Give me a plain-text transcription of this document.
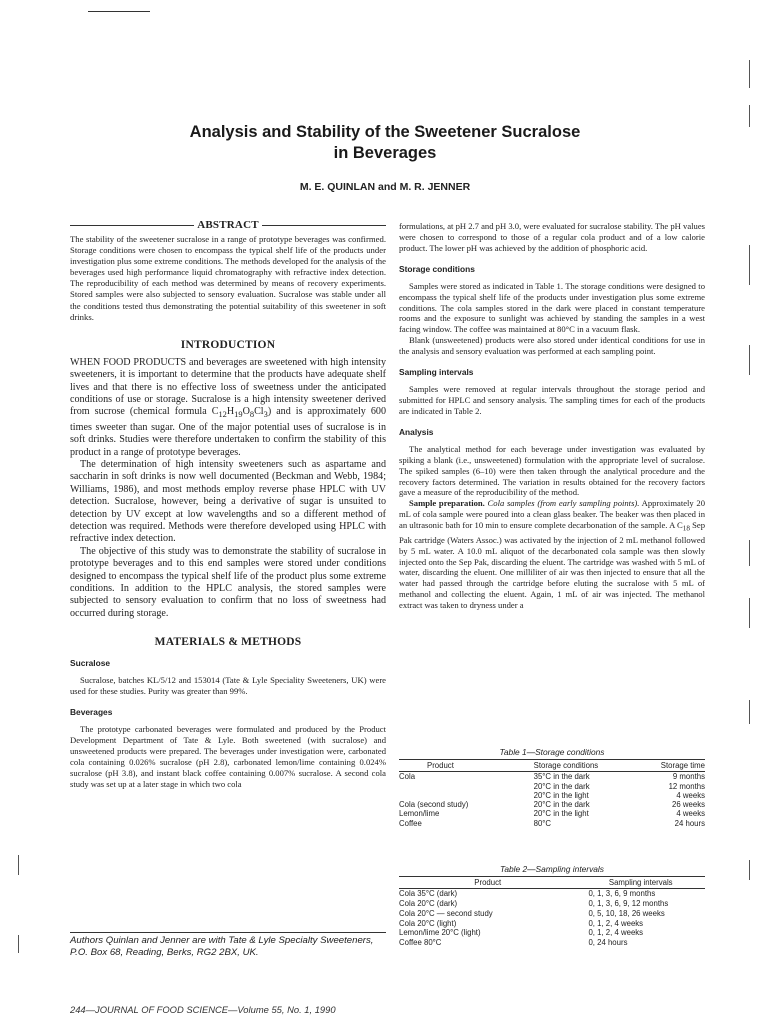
Analysis and Stability of the Sweetener Sucralose
in Beverages
M. E. QUINLAN and M. R. JENNER
ABSTRACT

The stability of the sweetener sucralose in a range of prototype beverages was confirmed. Storage conditions were chosen to encompass the typical shelf life of the products under investigation plus some extreme conditions. The methods developed for the analysis of the beverages used high performance liquid chromatography with refractive index detection. The reproducibility of each method was determined by means of recovery experiments. Stored samples were also subjected to sensory evaluation. Sucralose was stable under all the conditions tested thus demonstrating the potential suitability of this sweetener in soft drinks.

INTRODUCTION

WHEN FOOD PRODUCTS and beverages are sweetened with high intensity sweeteners, it is important to determine that the products have adequate shelf lives and that there is no effective loss of sweetness under the anticipated conditions of use or storage. Sucralose is a high intensity sweetener derived from sucrose (chemical formula $C_{12}H_{19}O_8Cl_3$) and is approximately 600 times sweeter than sugar. One of the major potential uses of sucralose is in soft drinks. Studies were therefore undertaken to confirm the stability of this product in a range of prototype beverages.

The determination of high intensity sweeteners such as aspartame and saccharin in soft drinks is now well documented (Beckman and Webb, 1984; Williams, 1986), and most methods employ reverse phase HPLC with UV detection. Sucralose, however, being a derivative of sugar is unsuited to detection by UV except at low wavelengths and so a different method of detection was required. Methods were therefore developed using HPLC with refractive index detection.

The objective of this study was to demonstrate the stability of sucralose in prototype beverages and to this end samples were stored under conditions designed to encompass the typical shelf life of the product plus some extreme conditions. In addition to the HPLC analysis, the stored samples were subjected to sensory evaluation to confirm that no loss of sweetness had occurred during storage.

MATERIALS & METHODS
Sucralose

Sucralose, batches KL/5/12 and 153014 (Tate & Lyle Speciality Sweeteners, UK) were used for these studies. Purity was greater than 99%.

Beverages

The prototype carbonated beverages were formulated and produced by the Product Development Department of Tate & Lyle. Both sweetened (with sucralose) and unsweetened products were prepared. The beverages under investigation were, carbonated cola containing 0.026% sucralose (pH 2.8), carbonated lemon/lime containing 0.024% sucralose (pH 3.8), and instant black coffee containing 0.007% sucralose. A second cola study was set up at a later stage in which two cola

Authors Quinlan and Jenner are with Tate & Lyle Specialty Sweeteners, P.O. Box 68, Reading, Berks, RG2 2BX, UK.

formulations, at pH 2.7 and pH 3.0, were evaluated for sucralose stability. The pH values were chosen to correspond to those of a regular cola product and of a low calorie product. The lower pH was achieved by the addition of phosphoric acid.

Storage conditions

Samples were stored as indicated in Table 1. The storage conditions were designed to encompass the typical shelf life of the products under investigation plus some extreme conditions. The cola samples stored in the dark were placed in constant temperature rooms and the exposure to sunlight was achieved by standing the samples in a west facing window. The coffee was maintained at 80°C in a vacuum flask.

Blank (unsweetened) products were also stored under identical conditions for use in the analysis and sensory evaluation was performed at each sampling point.

Sampling intervals

Samples were removed at regular intervals throughout the storage period and submitted for HPLC and sensory analysis. The sampling times for each of the products are indicated in Table 2.

Analysis

The analytical method for each beverage under investigation was evaluated by spiking a blank (i.e., unsweetened) formulation with the appropriate level of sucralose. The spiked samples (6–10) were then taken through the analytical procedure and the recovery factors determined. The variation in results obtained for the recovery factors gave a measure of the reproducibility of the method.

Sample preparation. Cola samples (from early sampling points). Approximately 20 mL of cola sample were poured into a clean glass beaker. The beaker was then placed in an ultrasonic bath for 10 min to ensure complete decarbonation of the sample. A $C_{18}$ Sep Pak cartridge (Waters Assoc.) was activated by the injection of 2 mL methanol followed by 5 mL water. A 10.0 mL aliquot of the decarbonated cola sample was then slowly injected onto the Sep Pak, discarding the eluent. The cartridge was washed with 5 mL of water, discarding the eluent. One milliliter of air was then injected to ensure that all the water had passed through the cartridge before eluting the sucralose with 5 mL of methanol and collecting the eluent. Again, 1 mL of air was injected. The methanol extract was taken to dryness under a

Table 1—Storage conditions
Product	Storage conditions	Storage time
Cola	35°C in the dark	9 months
	20°C in the dark	12 months
	20°C in the light	4 weeks
Cola (second study)	20°C in the dark	26 weeks
Lemon/lime	20°C in the light	4 weeks
Coffee	80°C	24 hours
Table 2—Sampling intervals
Product	Sampling intervals
Cola 35°C (dark)	0, 1, 3, 6, 9 months
Cola 20°C (dark)	0, 1, 3, 6, 9, 12 months
Cola 20°C — second study	0, 5, 10, 18, 26 weeks
Cola 20°C (light)	0, 1, 2, 4 weeks
Lemon/lime 20°C (light)	0, 1, 2, 4 weeks
Coffee 80°C	0, 24 hours
244—JOURNAL OF FOOD SCIENCE—Volume 55, No. 1, 1990
